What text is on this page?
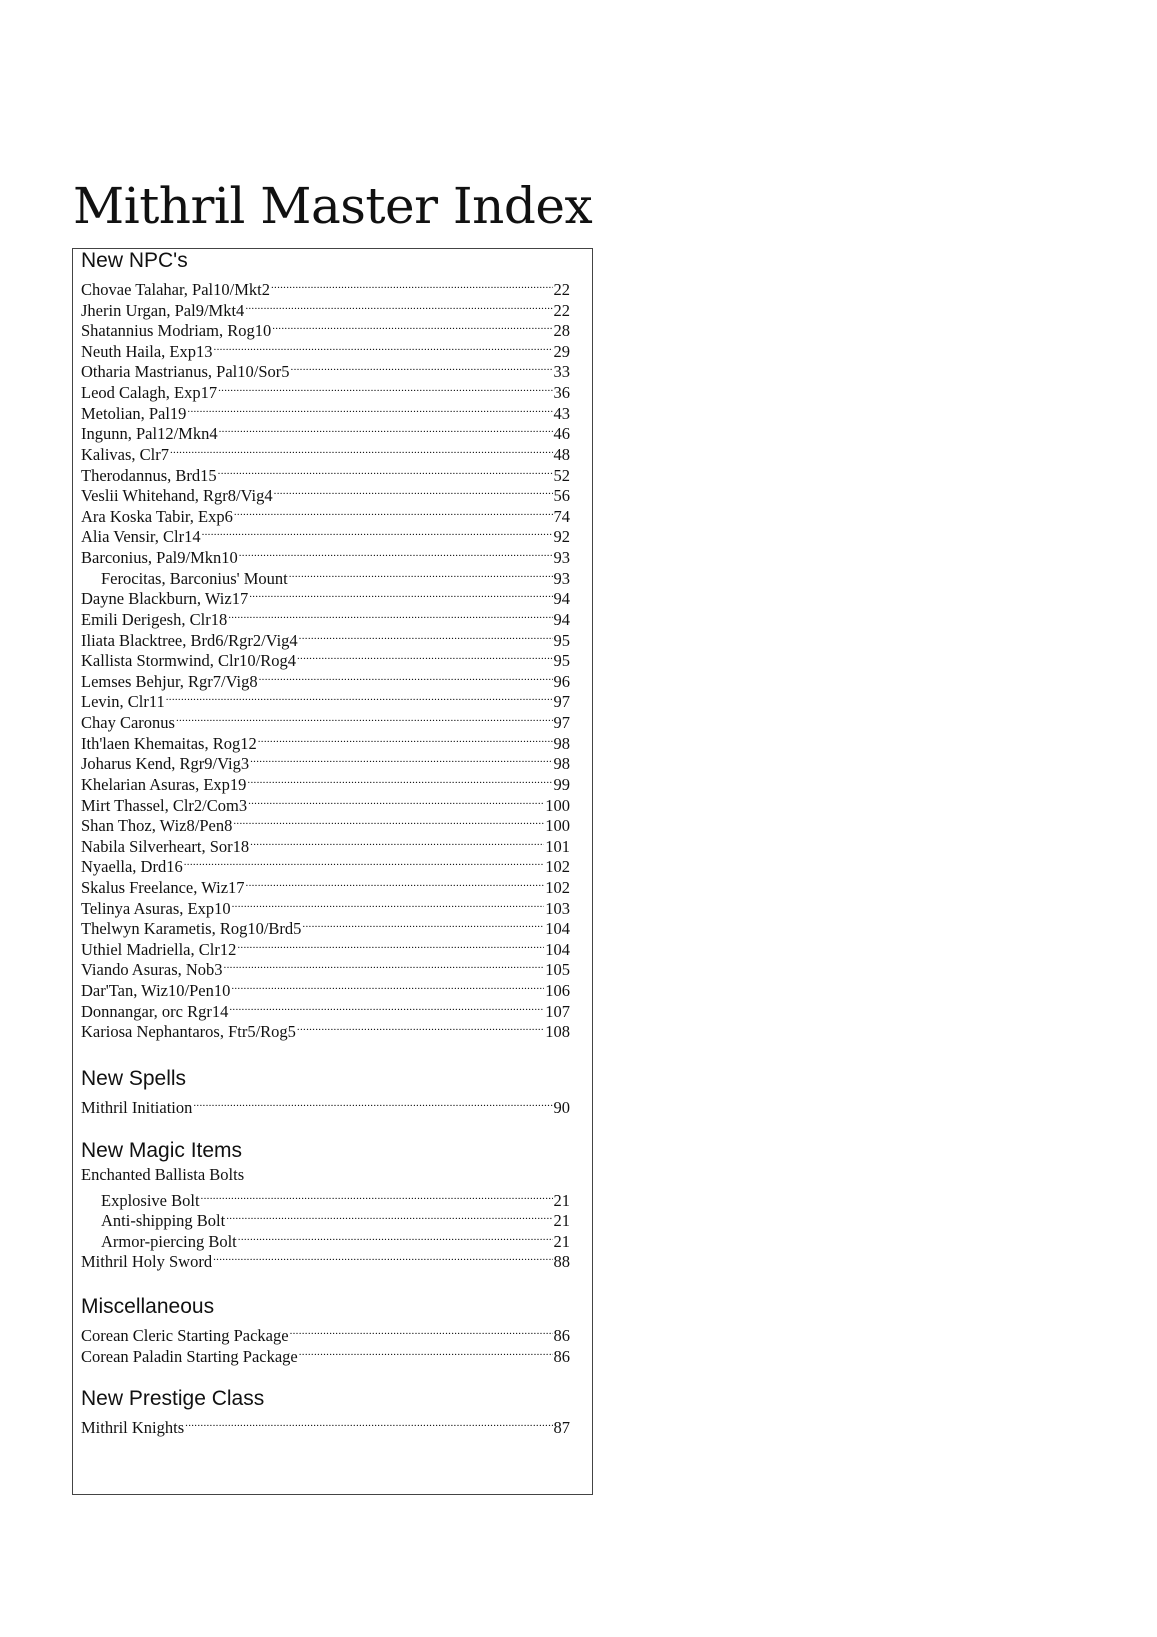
Mithril Master Index
New NPC's
Chovae Talahar, Pal10/Mkt2 .....	22
Jherin Urgan, Pal9/Mkt4 .....	22
Shatannius Modriam, Rog10 .....	28
Neuth Haila, Exp13 .....	29
Otharia Mastrianus, Pal10/Sor5 .....	33
Leod Calagh, Exp17 .....	36
Metolian, Pal19 .....	43
Ingunn, Pal12/Mkn4 .....	46
Kalivas, Clr7 .....	48
Therodannus, Brd15 .....	52
Veslii Whitehand, Rgr8/Vig4 .....	56
Ara Koska Tabir, Exp6 .....	74
Alia Vensir, Clr14 .....	92
Barconius, Pal9/Mkn10 .....	93
Ferocitas, Barconius' Mount .....	93
Dayne Blackburn, Wiz17 .....	94
Emili Derigesh, Clr18 .....	94
Iliata Blacktree, Brd6/Rgr2/Vig4 .....	95
Kallista Stormwind, Clr10/Rog4 .....	95
Lemses Behjur, Rgr7/Vig8 .....	96
Levin, Clr11 .....	97
Chay Caronus .....	97
Ith'laen Khemaitas, Rog12 .....	98
Joharus Kend, Rgr9/Vig3 .....	98
Khelarian Asuras, Exp19 .....	99
Mirt Thassel, Clr2/Com3 .....	100
Shan Thoz, Wiz8/Pen8 .....	100
Nabila Silverheart, Sor18 .....	101
Nyaella, Drd16 .....	102
Skalus Freelance, Wiz17 .....	102
Telinya Asuras, Exp10 .....	103
Thelwyn Karametis, Rog10/Brd5 .....	104
Uthiel Madriella, Clr12 .....	104
Viando Asuras, Nob3 .....	105
Dar'Tan, Wiz10/Pen10 .....	106
Donnangar, orc Rgr14 .....	107
Kariosa Nephantaros, Ftr5/Rog5 .....	108
New Spells
Mithril Initiation .....	90
New Magic Items
Enchanted Ballista Bolts
Explosive Bolt .....	21
Anti-shipping Bolt .....	21
Armor-piercing Bolt .....	21
Mithril Holy Sword .....	88
Miscellaneous
Corean Cleric Starting Package .....	86
Corean Paladin Starting Package .....	86
New Prestige Class
Mithril Knights .....	87
